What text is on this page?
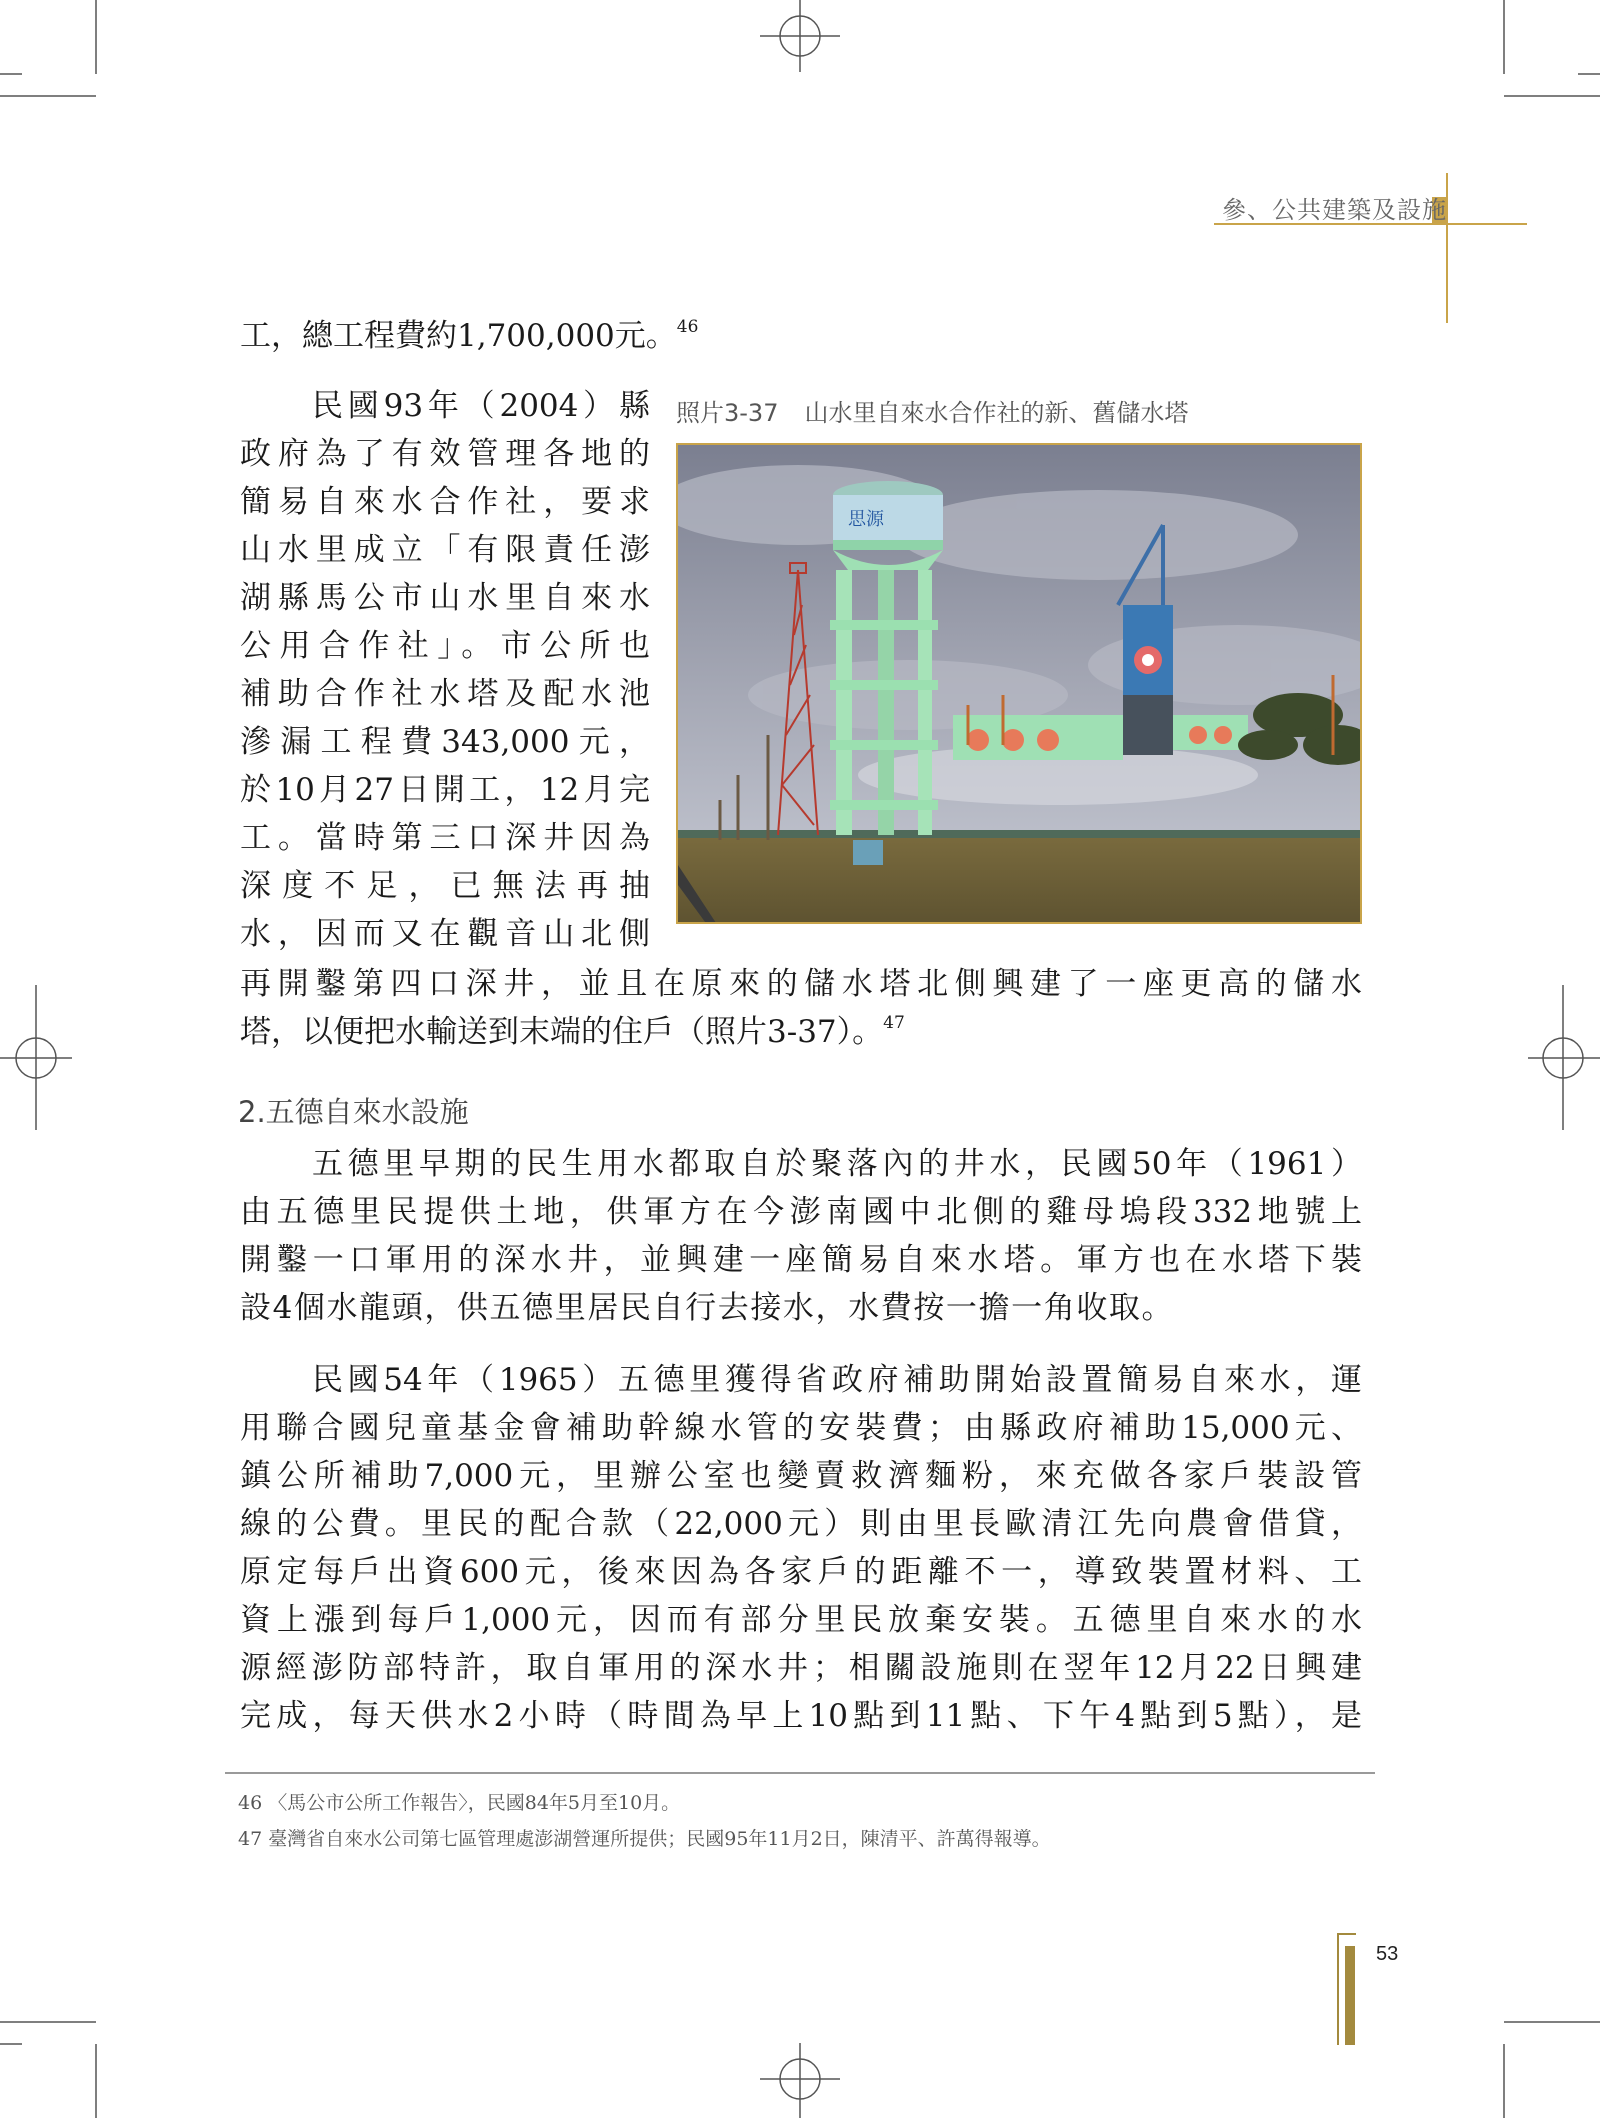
參、公共建築及設施
工，總工程費約1,700,000元。$^{46}$
民國93年（2004）縣
政府為了有效管理各地的
簡易自來水合作社，要求
山水里成立「有限責任澎
湖縣馬公市山水里自來水
公用合作社」。市公所也
補助合作社水塔及配水池
滲漏工程費343,000元，
於10月27日開工，12月完
工。當時第三口深井因為
深度不足，已無法再抽
水，因而又在觀音山北側
再開鑿第四口深井，並且在原來的儲水塔北側興建了一座更高的儲水
塔，以便把水輸送到末端的住戶（照片3-37）。$^{47}$
照片3-37 山水里自來水合作社的新、舊儲水塔
思源
2.五德自來水設施
五德里早期的民生用水都取自於聚落內的井水，民國50年（1961）
由五德里民提供土地，供軍方在今澎南國中北側的雞母塢段332地號上
開鑿一口軍用的深水井，並興建一座簡易自來水塔。軍方也在水塔下裝
設4個水龍頭，供五德里居民自行去接水，水費按一擔一角收取。
民國54年（1965）五德里獲得省政府補助開始設置簡易自來水，運
用聯合國兒童基金會補助幹線水管的安裝費；由縣政府補助15,000元、
鎮公所補助7,000元，里辦公室也變賣救濟麵粉，來充做各家戶裝設管
線的公費。里民的配合款（22,000元）則由里長歐清江先向農會借貸，
原定每戶出資600元，後來因為各家戶的距離不一，導致裝置材料、工
資上漲到每戶1,000元，因而有部分里民放棄安裝。五德里自來水的水
源經澎防部特許，取自軍用的深水井；相關設施則在翌年12月22日興建
完成，每天供水2小時（時間為早上10點到11點、下午4點到5點），是
46 〈馬公市公所工作報告〉，民國84年5月至10月。
47 臺灣省自來水公司第七區管理處澎湖營運所提供；民國95年11月2日，陳清平、許萬得報導。
53
